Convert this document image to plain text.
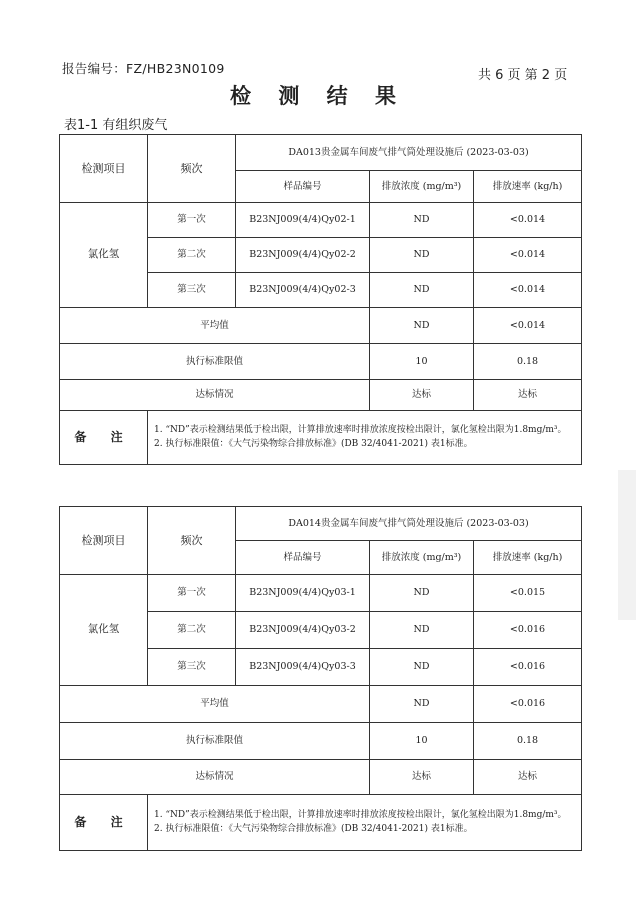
报告编号：FZ/HB23N0109	共 6 页 第 2 页
检 测 结 果
表1-1 有组织废气
检测项目	频次	DA013贵金属车间废气排气筒处理设施后 (2023-03-03)		
		样品编号	排放浓度 (mg/m³)	排放速率 (kg/h)
氯化氢	第一次	B23NJ009(4/4)Qy02-1	ND	<0.014
	第二次	B23NJ009(4/4)Qy02-2	ND	<0.014
	第三次	B23NJ009(4/4)Qy02-3	ND	<0.014
平均值			ND	<0.014
执行标准限值			10	0.18
达标情况			达标	达标
备 注	1. “ND”表示检测结果低于检出限，计算排放速率时排放浓度按检出限计，氯化氢检出限为1.8mg/m³。
2. 执行标准限值：《大气污染物综合排放标准》(DB 32/4041-2021) 表1标准。			
检测项目	频次	DA014贵金属车间废气排气筒处理设施后 (2023-03-03)		
		样品编号	排放浓度 (mg/m³)	排放速率 (kg/h)
氯化氢	第一次	B23NJ009(4/4)Qy03-1	ND	<0.015
	第二次	B23NJ009(4/4)Qy03-2	ND	<0.016
	第三次	B23NJ009(4/4)Qy03-3	ND	<0.016
平均值			ND	<0.016
执行标准限值			10	0.18
达标情况			达标	达标
备 注	1. “ND”表示检测结果低于检出限，计算排放速率时排放浓度按检出限计，氯化氢检出限为1.8mg/m³。
2. 执行标准限值：《大气污染物综合排放标准》(DB 32/4041-2021) 表1标准。			
